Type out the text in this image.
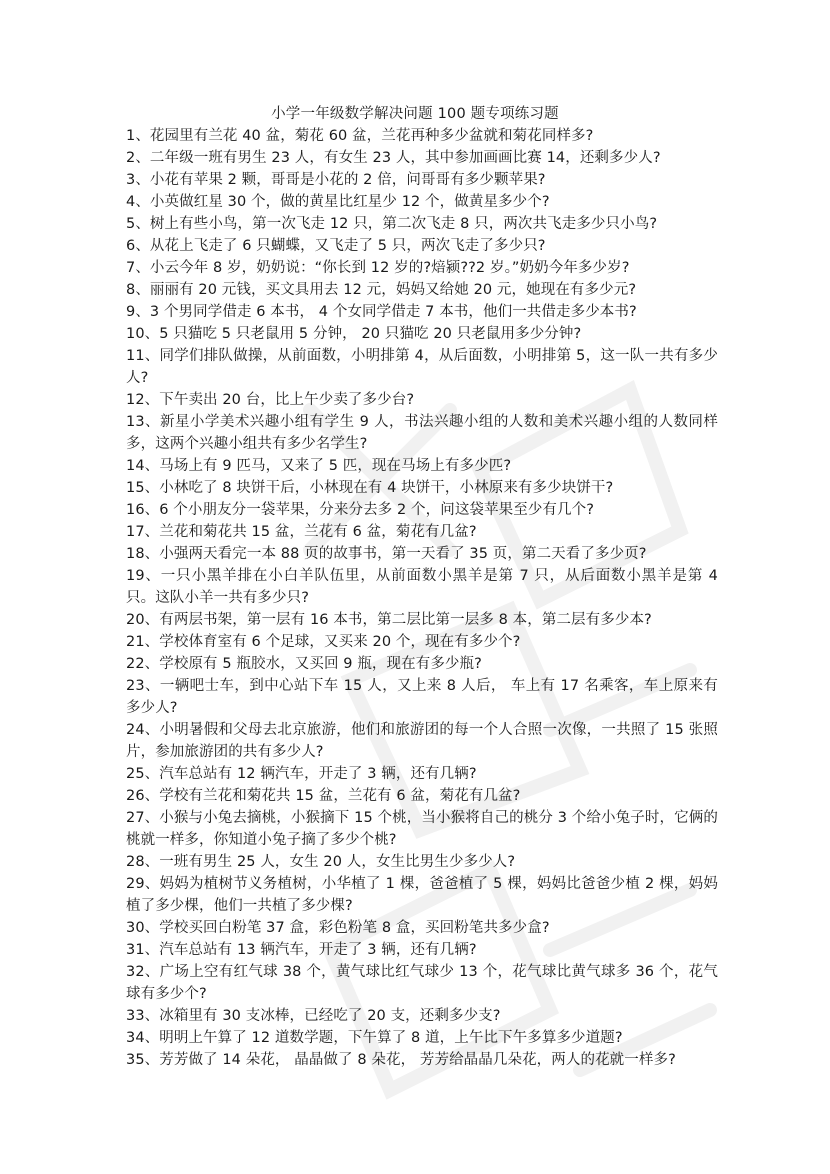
小学一年级数学解决问题 100 题专项练习题
1、花园里有兰花 40 盆，菊花 60 盆，兰花再种多少盆就和菊花同样多?
2、二年级一班有男生 23 人，有女生 23 人，其中参加画画比赛 14，还剩多少人?
3、小花有苹果 2 颗，哥哥是小花的 2 倍，问哥哥有多少颗苹果?
4、小英做红星 30 个，做的黄星比红星少 12 个，做黄星多少个?
5、树上有些小鸟，第一次飞走 12 只，第二次飞走 8 只，两次共飞走多少只小鸟?
6、从花上飞走了 6 只蝴蝶，又飞走了 5 只，两次飞走了多少只?
7、小云今年 8 岁，奶奶说：“你长到 12 岁的?焙颍??2 岁。”奶奶今年多少岁?
8、丽丽有 20 元钱，买文具用去 12 元，妈妈又给她 20 元，她现在有多少元?
9、3 个男同学借走 6 本书， 4 个女同学借走 7 本书，他们一共借走多少本书?
10、5 只猫吃 5 只老鼠用 5 分钟， 20 只猫吃 20 只老鼠用多少分钟?
11、同学们排队做操，从前面数，小明排第 4，从后面数，小明排第 5，这一队一共有多少人?
12、下午卖出 20 台，比上午少卖了多少台?
13、新星小学美术兴趣小组有学生 9 人，书法兴趣小组的人数和美术兴趣小组的人数同样多，这两个兴趣小组共有多少名学生?
14、马场上有 9 匹马，又来了 5 匹，现在马场上有多少匹?
15、小林吃了 8 块饼干后，小林现在有 4 块饼干，小林原来有多少块饼干?
16、6 个小朋友分一袋苹果，分来分去多 2 个，问这袋苹果至少有几个?
17、兰花和菊花共 15 盆，兰花有 6 盆，菊花有几盆?
18、小强两天看完一本 88 页的故事书，第一天看了 35 页，第二天看了多少页?
19、一只小黑羊排在小白羊队伍里，从前面数小黑羊是第 7 只，从后面数小黑羊是第 4 只。这队小羊一共有多少只?
20、有两层书架，第一层有 16 本书，第二层比第一层多 8 本，第二层有多少本?
21、学校体育室有 6 个足球，又买来 20 个，现在有多少个?
22、学校原有 5 瓶胶水，又买回 9 瓶，现在有多少瓶?
23、一辆吧士车，到中心站下车 15 人，又上来 8 人后， 车上有 17 名乘客，车上原来有多少人?
24、小明暑假和父母去北京旅游，他们和旅游团的每一个人合照一次像，一共照了 15 张照片，参加旅游团的共有多少人?
25、汽车总站有 12 辆汽车，开走了 3 辆，还有几辆?
26、学校有兰花和菊花共 15 盆，兰花有 6 盆，菊花有几盆?
27、小猴与小兔去摘桃，小猴摘下 15 个桃，当小猴将自己的桃分 3 个给小兔子时，它俩的桃就一样多，你知道小兔子摘了多少个桃?
28、一班有男生 25 人，女生 20 人，女生比男生少多少人?
29、妈妈为植树节义务植树，小华植了 1 棵，爸爸植了 5 棵，妈妈比爸爸少植 2 棵，妈妈植了多少棵，他们一共植了多少棵?
30、学校买回白粉笔 37 盒，彩色粉笔 8 盒，买回粉笔共多少盒?
31、汽车总站有 13 辆汽车，开走了 3 辆，还有几辆?
32、广场上空有红气球 38 个，黄气球比红气球少 13 个，花气球比黄气球多 36 个，花气球有多少个?
33、冰箱里有 30 支冰棒，已经吃了 20 支，还剩多少支?
34、明明上午算了 12 道数学题，下午算了 8 道，上午比下午多算多少道题?
35、芳芳做了 14 朵花， 晶晶做了 8 朵花， 芳芳给晶晶几朵花，两人的花就一样多?
